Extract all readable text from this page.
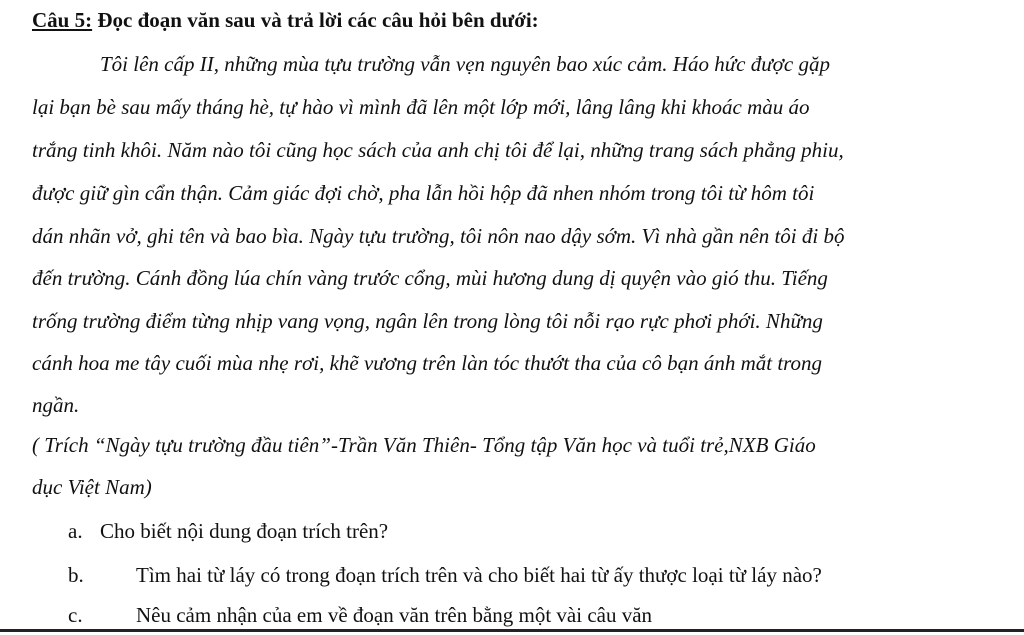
Câu 5: Đọc đoạn văn sau và trả lời các câu hỏi bên dưới:
Tôi lên cấp II, những mùa tựu trường vẫn vẹn nguyên bao xúc cảm. Háo hức được gặp
lại bạn bè sau mấy tháng hè, tự hào vì mình đã lên một lớp mới, lâng lâng khi khoác màu áo
trắng tinh khôi. Năm nào tôi cũng học sách của anh chị tôi để lại, những trang sách phẳng phiu,
được giữ gìn cẩn thận. Cảm giác đợi chờ, pha lẫn hồi hộp đã nhen nhóm trong tôi từ hôm tôi
dán nhãn vở, ghi tên và bao bìa. Ngày tựu trường, tôi nôn nao dậy sớm. Vì nhà gần nên tôi đi bộ
đến trường. Cánh đồng lúa chín vàng trước cổng, mùi hương dung dị quyện vào gió thu. Tiếng
trống trường điểm từng nhịp vang vọng, ngân lên trong lòng tôi nỗi rạo rực phơi phới. Những
cánh hoa me tây cuối mùa nhẹ rơi, khẽ vương trên làn tóc thướt tha của cô bạn ánh mắt trong
ngần.
( Trích “Ngày tựu trường đầu tiên”-Trần Văn Thiên- Tổng tập Văn học và tuổi trẻ,NXB Giáo
dục Việt Nam)
a. Cho biết nội dung đoạn trích trên?
b. Tìm hai từ láy có trong đoạn trích trên và cho biết hai từ ấy thược loại từ láy nào?
c.	Nêu cảm nhận của em về đoạn văn trên bằng một vài câu văn
